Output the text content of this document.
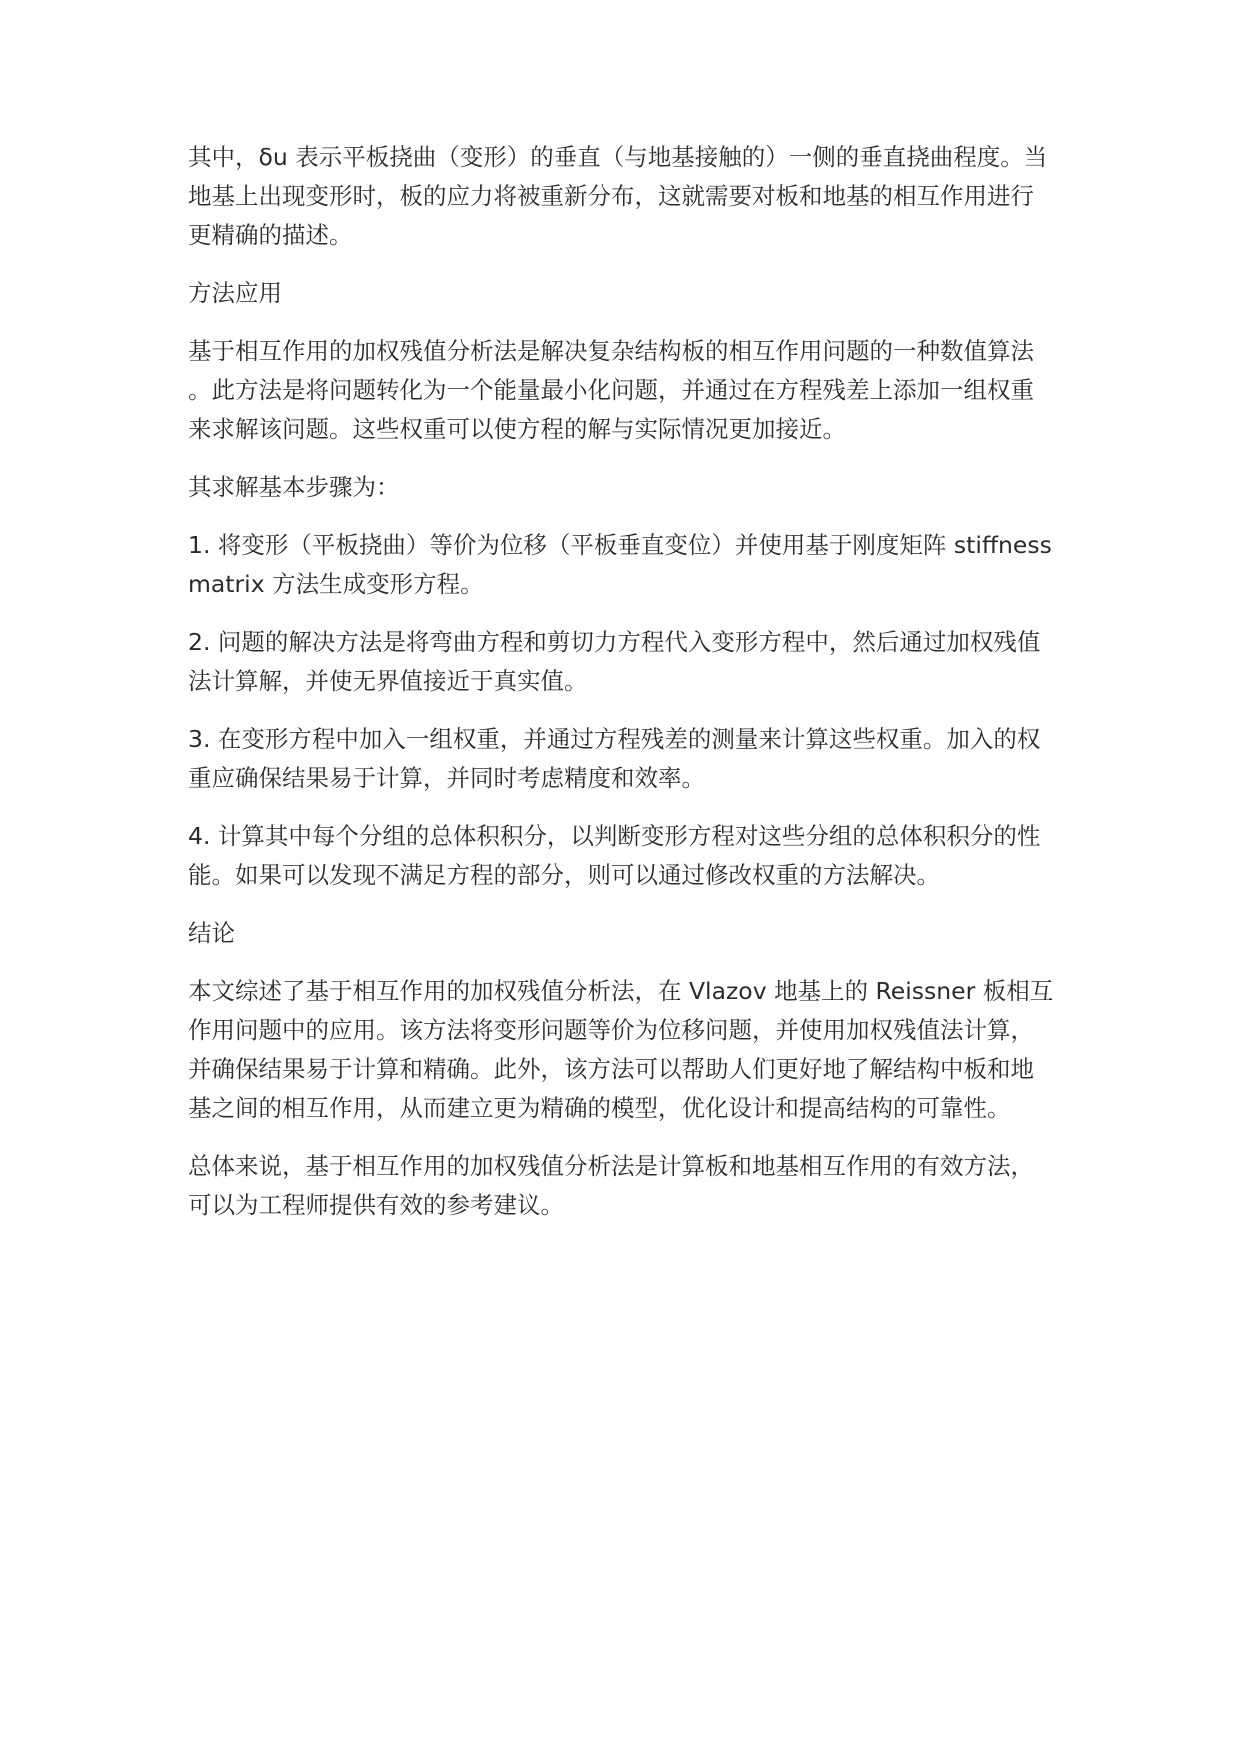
其中，δu 表示平板挠曲（变形）的垂直（与地基接触的）一侧的垂直挠曲程度。当地基上出现变形时，板的应力将被重新分布，这就需要对板和地基的相互作用进行更精确的描述。

方法应用

基于相互作用的加权残值分析法是解决复杂结构板的相互作用问题的一种数值算法。此方法是将问题转化为一个能量最小化问题，并通过在方程残差上添加一组权重来求解该问题。这些权重可以使方程的解与实际情况更加接近。

其求解基本步骤为：

1. 将变形（平板挠曲）等价为位移（平板垂直变位）并使用基于刚度矩阵 stiffness matrix 方法生成变形方程。

2. 问题的解决方法是将弯曲方程和剪切力方程代入变形方程中，然后通过加权残值法计算解，并使无界值接近于真实值。

3. 在变形方程中加入一组权重，并通过方程残差的测量来计算这些权重。加入的权重应确保结果易于计算，并同时考虑精度和效率。

4. 计算其中每个分组的总体积积分，以判断变形方程对这些分组的总体积积分的性能。如果可以发现不满足方程的部分，则可以通过修改权重的方法解决。

结论

本文综述了基于相互作用的加权残值分析法，在 Vlazov 地基上的 Reissner 板相互作用问题中的应用。该方法将变形问题等价为位移问题，并使用加权残值法计算，并确保结果易于计算和精确。此外，该方法可以帮助人们更好地了解结构中板和地基之间的相互作用，从而建立更为精确的模型，优化设计和提高结构的可靠性。

总体来说，基于相互作用的加权残值分析法是计算板和地基相互作用的有效方法，可以为工程师提供有效的参考建议。
